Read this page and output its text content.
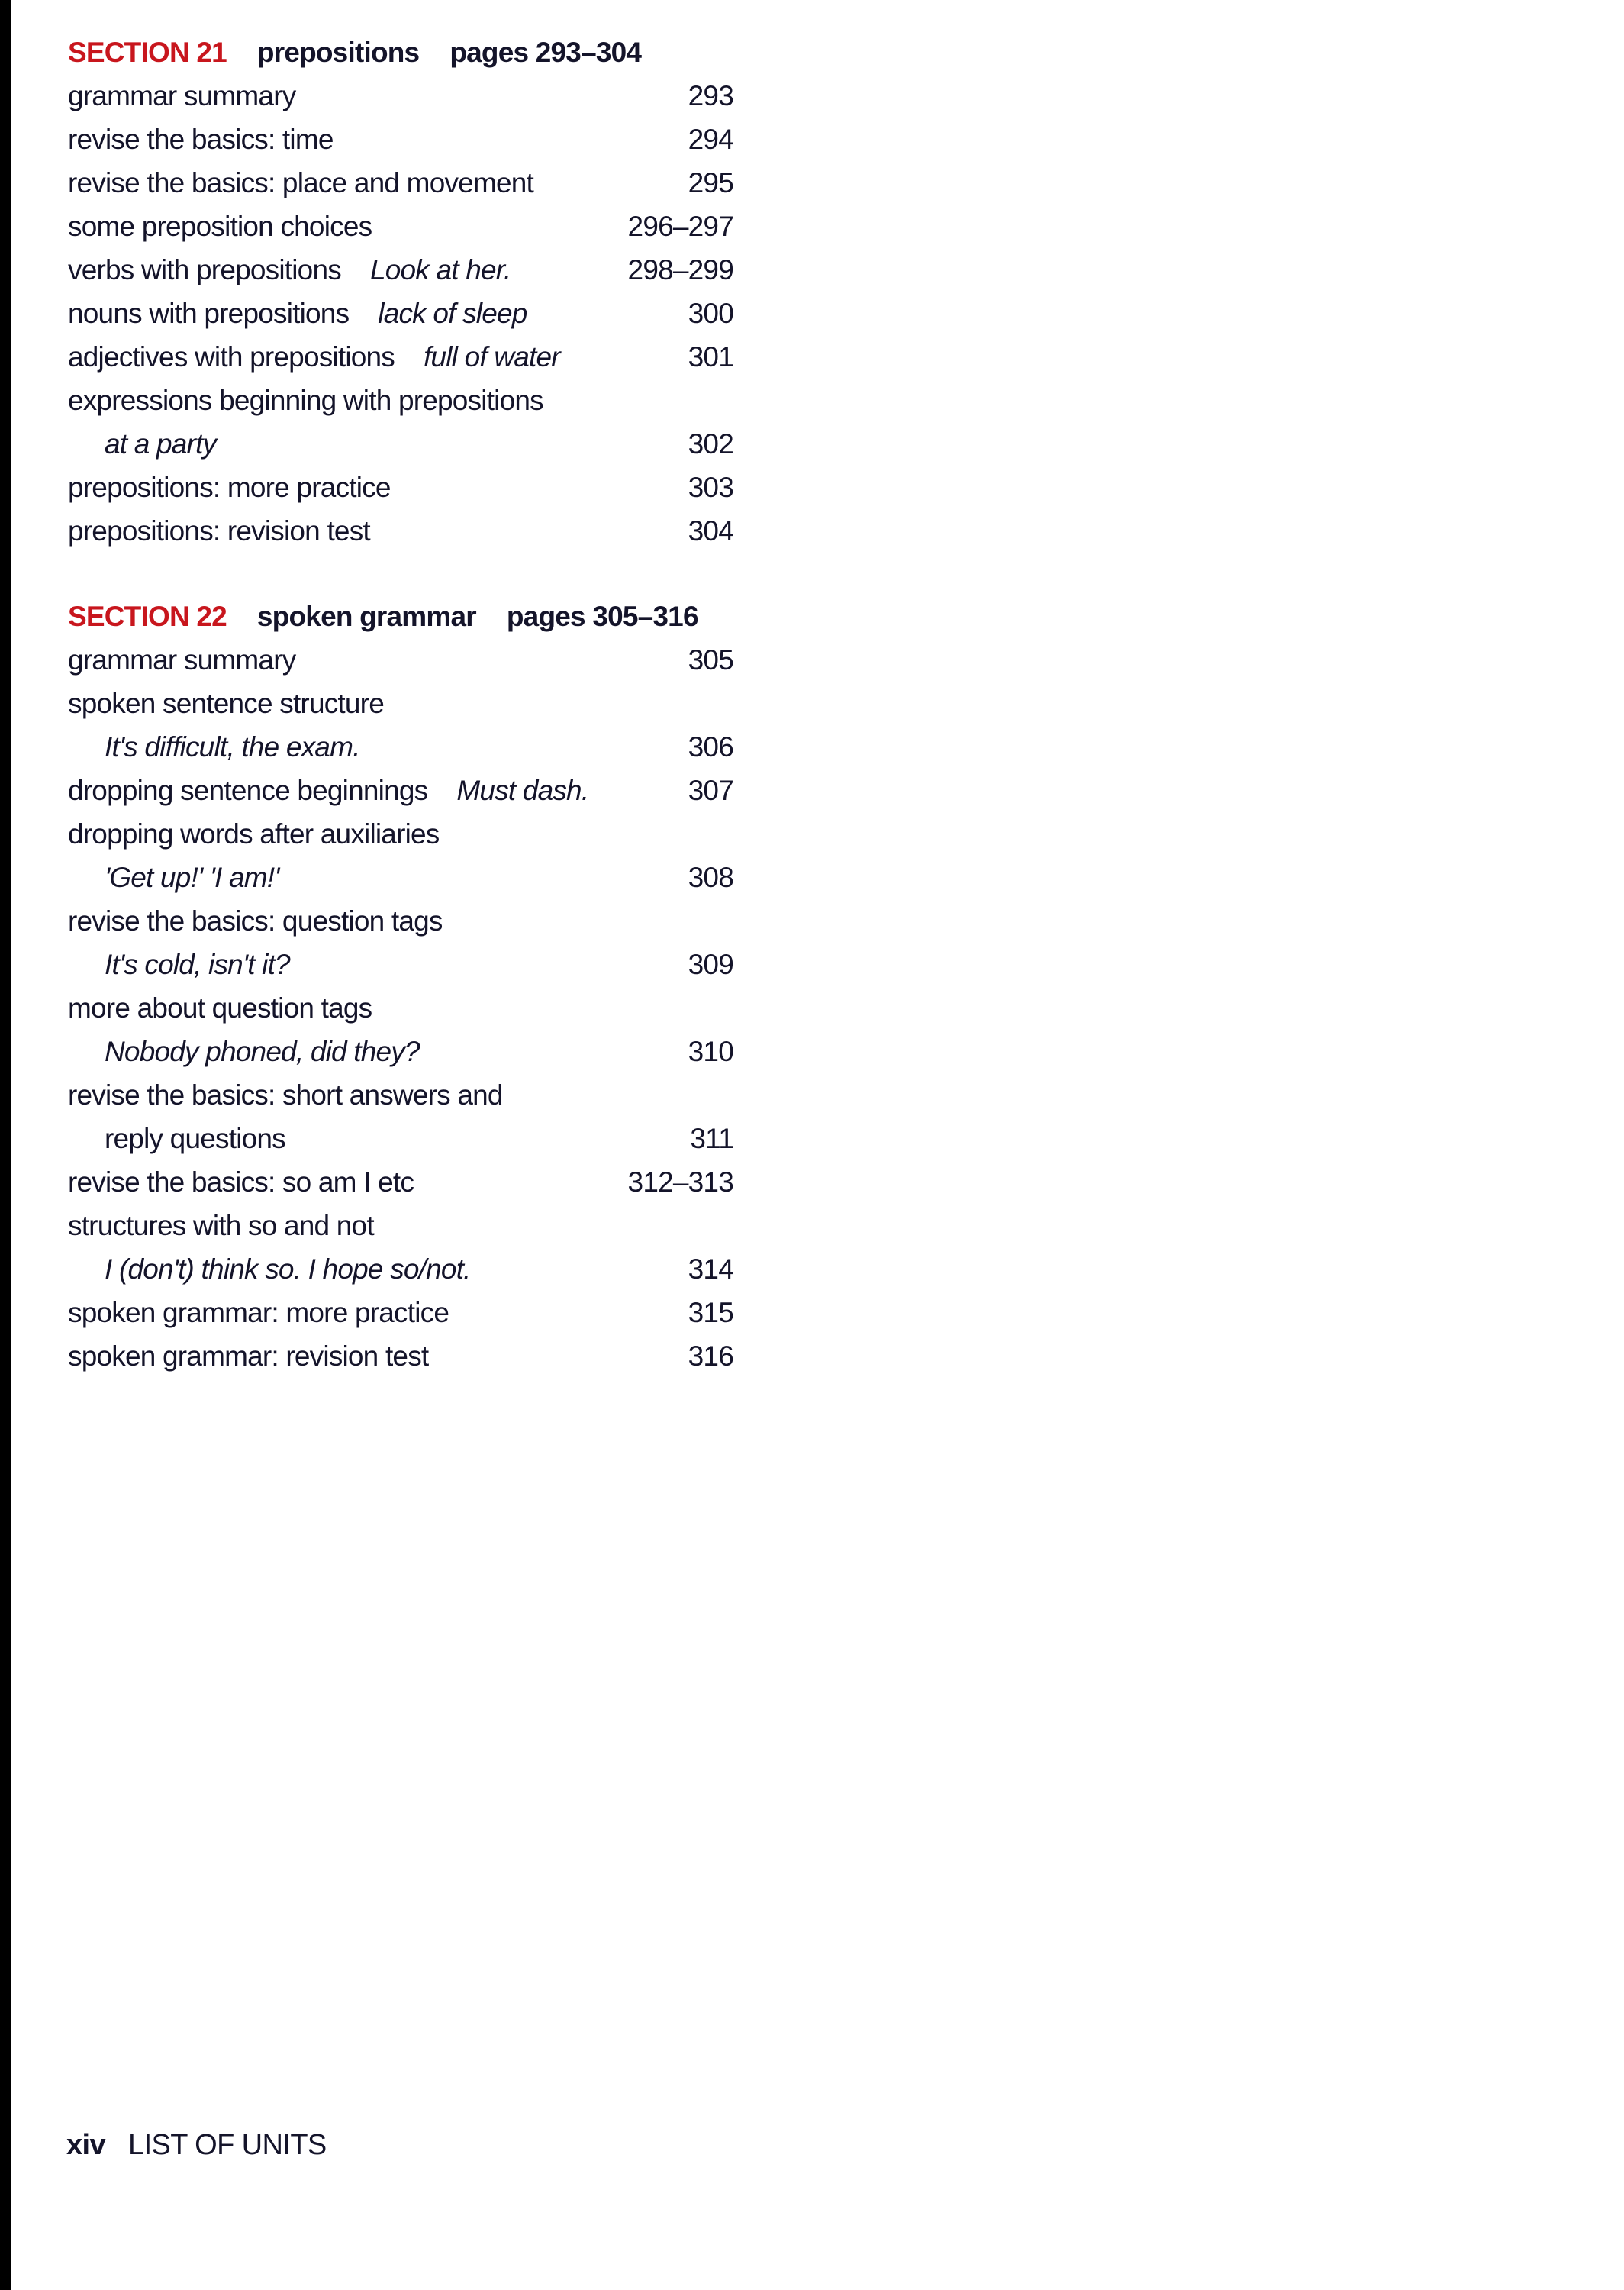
SECTION 21 prepositions pages 293–304
grammar summary	293
revise the basics: time	294
revise the basics: place and movement	295
some preposition choices	296–297
verbs with prepositions Look at her.	298–299
nouns with prepositions lack of sleep	300
adjectives with prepositions full of water	301
expressions beginning with prepositions
at a party	302
prepositions: more practice	303
prepositions: revision test	304
SECTION 22 spoken grammar pages 305–316
grammar summary	305
spoken sentence structure
It's difficult, the exam.	306
dropping sentence beginnings Must dash.	307
dropping words after auxiliaries
'Get up!' 'I am!'	308
revise the basics: question tags
It's cold, isn't it?	309
more about question tags
Nobody phoned, did they?	310
revise the basics: short answers and
reply questions	311
revise the basics: so am I etc	312–313
structures with so and not
I (don't) think so. I hope so/not.	314
spoken grammar: more practice	315
spoken grammar: revision test	316
xiv LIST OF UNITS
